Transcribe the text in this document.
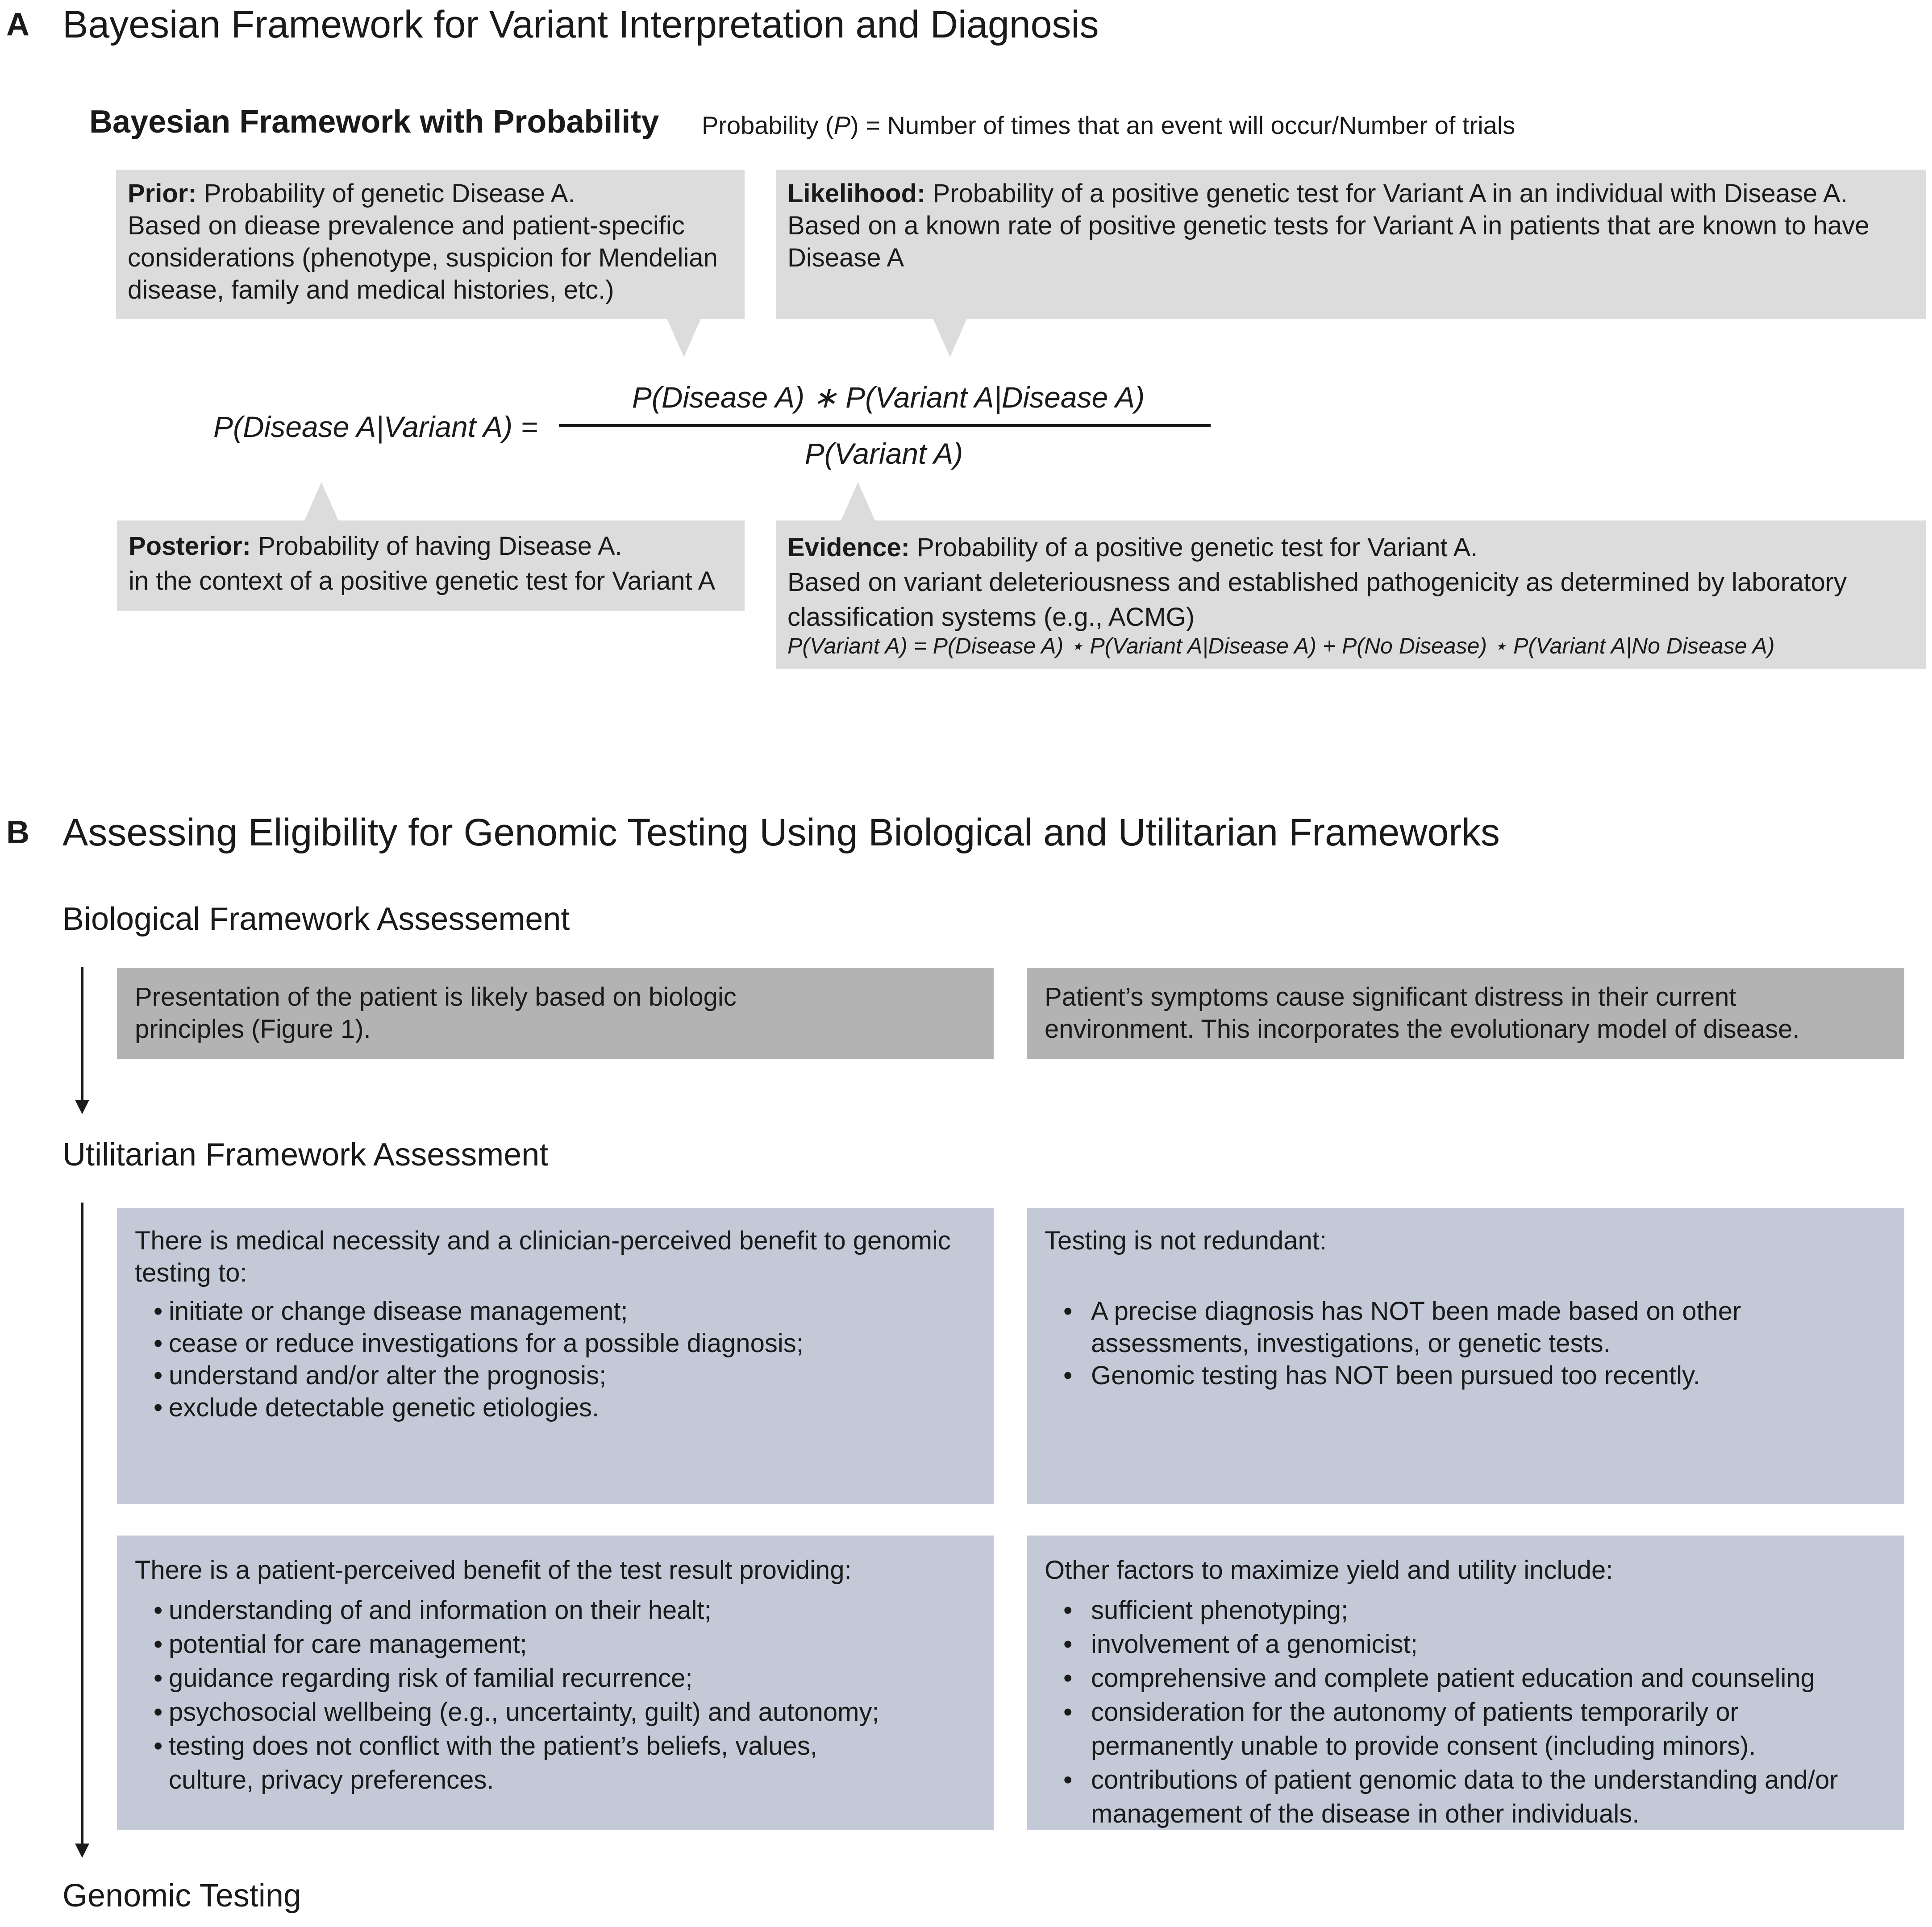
A Bayesian Framework for Variant Interpretation and Diagnosis
Bayesian Framework with Probability Probability (P) = Number of times that an event will occur/Number of trials
Prior: Probability of genetic Disease A.
Based on diease prevalence and patient-specific considerations (phenotype, suspicion for Mendelian disease, family and medical histories, etc.)
Likelihood: Probability of a positive genetic test for Variant A in an individual with Disease A.
Based on a known rate of positive genetic tests for Variant A in patients that are known to have Disease A
P(Disease A|Variant A) =
P(Disease A) ∗ P(Variant A|Disease A)
P(Variant A)
Posterior: Probability of having Disease A.
in the context of a positive genetic test for Variant A
Evidence: Probability of a positive genetic test for Variant A.
Based on variant deleteriousness and established pathogenicity as determined by laboratory classification systems (e.g., ACMG)
P(Variant A) = P(Disease A) ⋆ P(Variant A|Disease A) + P(No Disease) ⋆ P(Variant A|No Disease A)
B Assessing Eligibility for Genomic Testing Using Biological and Utilitarian Frameworks
Biological Framework Assessement
Presentation of the patient is likely based on biologic principles (Figure 1).
Patient’s symptoms cause significant distress in their current environment. This incorporates the evolutionary model of disease.
Utilitarian Framework Assessment
There is medical necessity and a clinician-perceived benefit to genomic testing to:
• initiate or change disease management;
• cease or reduce investigations for a possible diagnosis;
• understand and/or alter the prognosis;
• exclude detectable genetic etiologies.
Testing is not redundant:
• A precise diagnosis has NOT been made based on other assessments, investigations, or genetic tests.
• Genomic testing has NOT been pursued too recently.
There is a patient-perceived benefit of the test result providing:
• understanding of and information on their healt;
• potential for care management;
• guidance regarding risk of familial recurrence;
• psychosocial wellbeing (e.g., uncertainty, guilt) and autonomy;
• testing does not conflict with the patient’s beliefs, values, culture, privacy preferences.
Other factors to maximize yield and utility include:
• sufficient phenotyping;
• involvement of a genomicist;
• comprehensive and complete patient education and counseling
• consideration for the autonomy of patients temporarily or permanently unable to provide consent (including minors).
• contributions of patient genomic data to the understanding and/or management of the disease in other individuals.
Genomic Testing
